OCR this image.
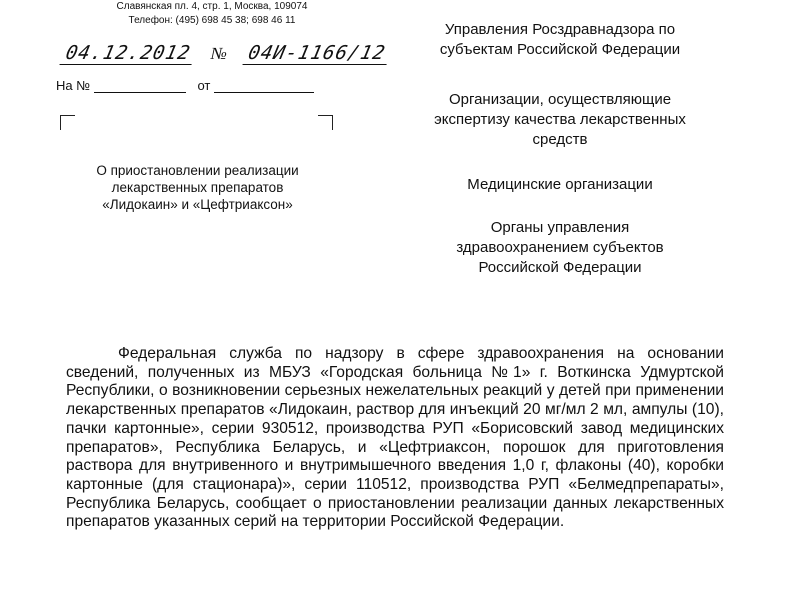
Славянская пл. 4, стр. 1, Москва, 109074
Телефон: (495) 698 45 38; 698 46 11
04.12.2012 № 04И-1166/12
На №	от
О приостановлении реализации
лекарственных препаратов
«Лидокаин» и «Цефтриаксон»
Управления Росздравнадзора по
субъектам Российской Федерации
Организации, осуществляющие
экспертизу качества лекарственных
средств
Медицинские организации
Органы управления
здравоохранением субъектов
Российской Федерации
Федеральная служба по надзору в сфере здравоохранения на основании сведений, полученных из МБУЗ «Городская больница №1» г. Воткинска Удмуртской Республики, о возникновении серьезных нежелательных реакций у детей при применении лекарственных препаратов «Лидокаин, раствор для инъекций 20 мг/мл 2 мл, ампулы (10), пачки картонные», серии 930512, производства РУП «Борисовский завод медицинских препаратов», Республика Беларусь, и «Цефтриаксон, порошок для приготовления раствора для внутривенного и внутримышечного введения 1,0 г, флаконы (40), коробки картонные (для стационара)», серии 110512, производства РУП «Белмедпрепараты», Республика Беларусь, сообщает о приостановлении реализации данных лекарственных препаратов указанных серий на территории Российской Федерации.
